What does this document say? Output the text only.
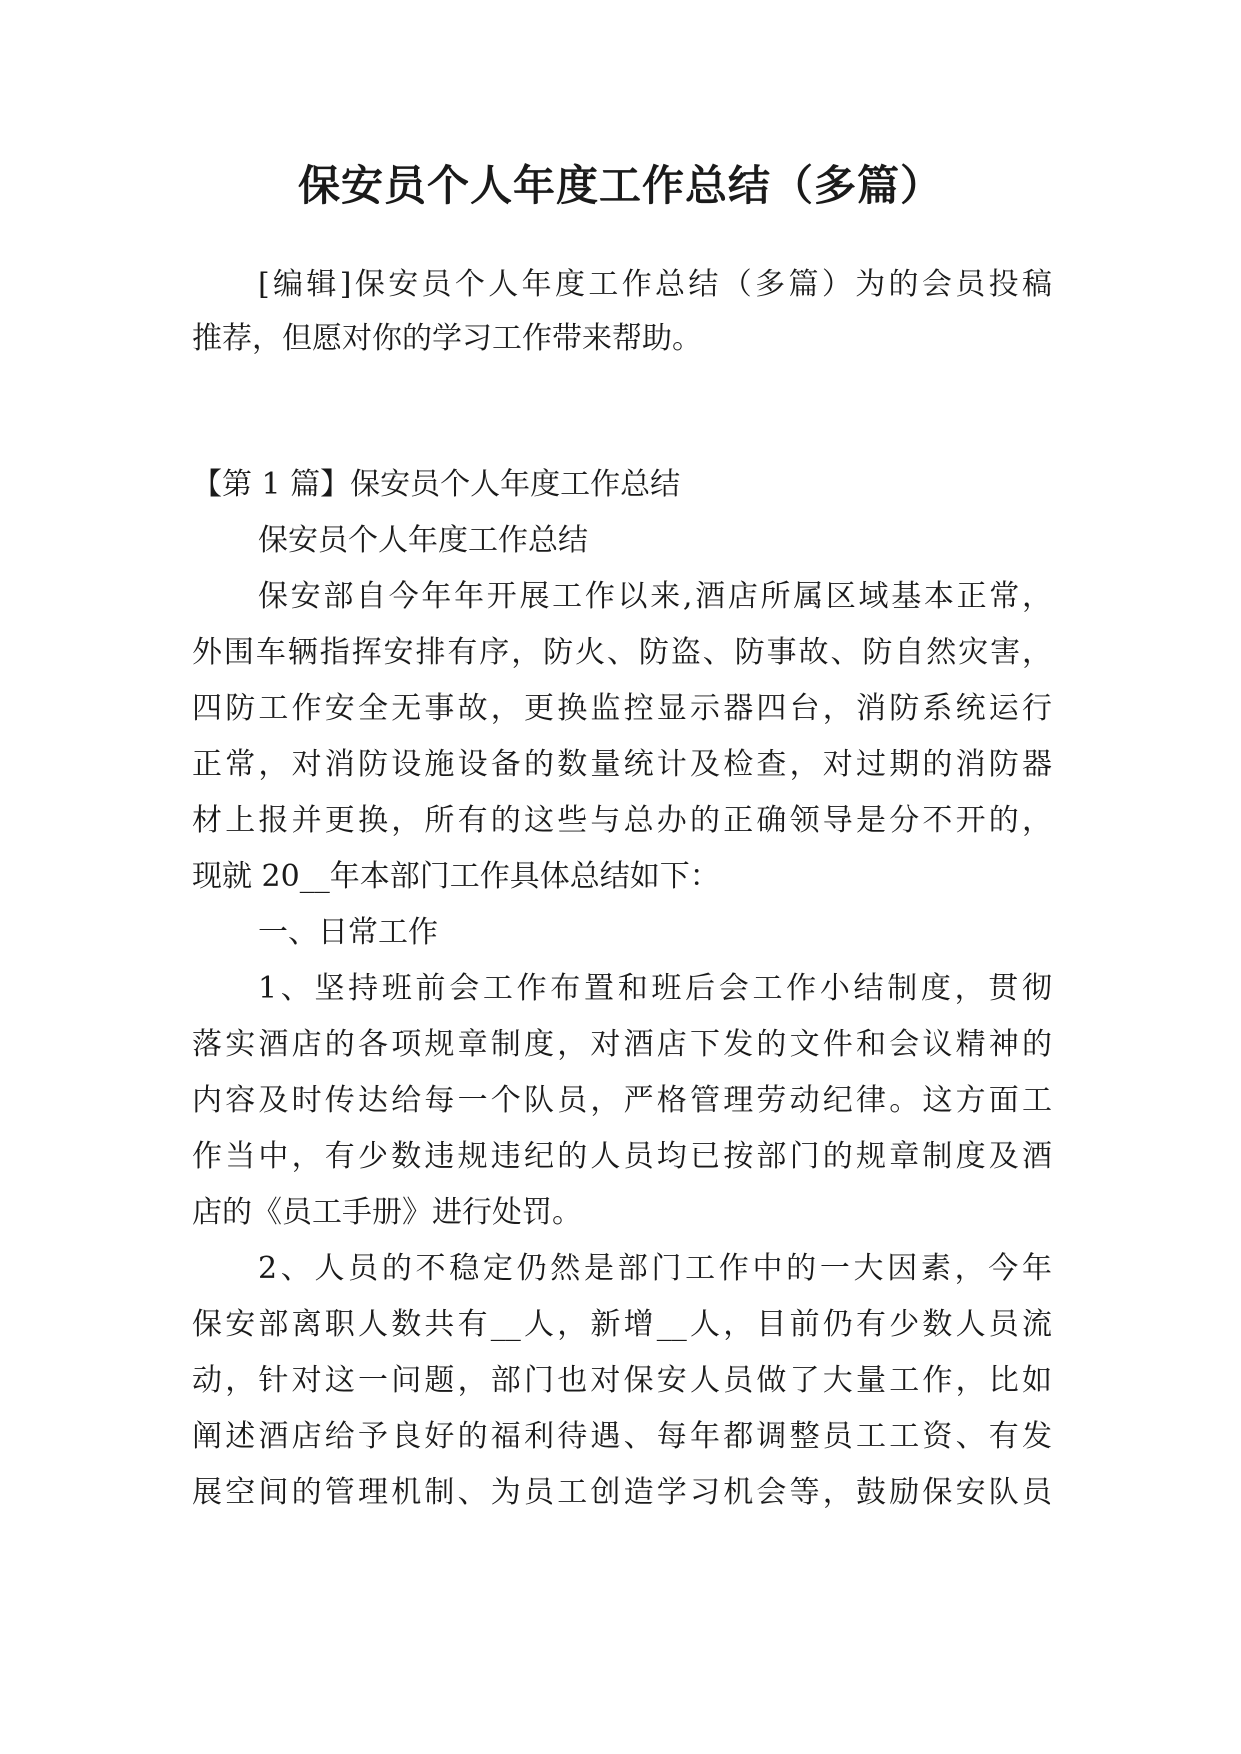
保安员个人年度工作总结（多篇）
[编辑]保安员个人年度工作总结（多篇）为的会员投稿
推荐，但愿对你的学习工作带来帮助。
【第 1 篇】保安员个人年度工作总结
保安员个人年度工作总结
保安部自今年年开展工作以来,酒店所属区域基本正常，
外围车辆指挥安排有序，防火、防盗、防事故、防自然灾害，
四防工作安全无事故，更换监控显示器四台，消防系统运行
正常，对消防设施设备的数量统计及检查，对过期的消防器
材上报并更换，所有的这些与总办的正确领导是分不开的，
现就 20__年本部门工作具体总结如下：
一、日常工作
1、坚持班前会工作布置和班后会工作小结制度，贯彻
落实酒店的各项规章制度，对酒店下发的文件和会议精神的
内容及时传达给每一个队员，严格管理劳动纪律。这方面工
作当中，有少数违规违纪的人员均已按部门的规章制度及酒
店的《员工手册》进行处罚。
2、人员的不稳定仍然是部门工作中的一大因素，今年
保安部离职人数共有__人，新增__人，目前仍有少数人员流
动，针对这一问题，部门也对保安人员做了大量工作，比如
阐述酒店给予良好的福利待遇、每年都调整员工工资、有发
展空间的管理机制、为员工创造学习机会等，鼓励保安队员
